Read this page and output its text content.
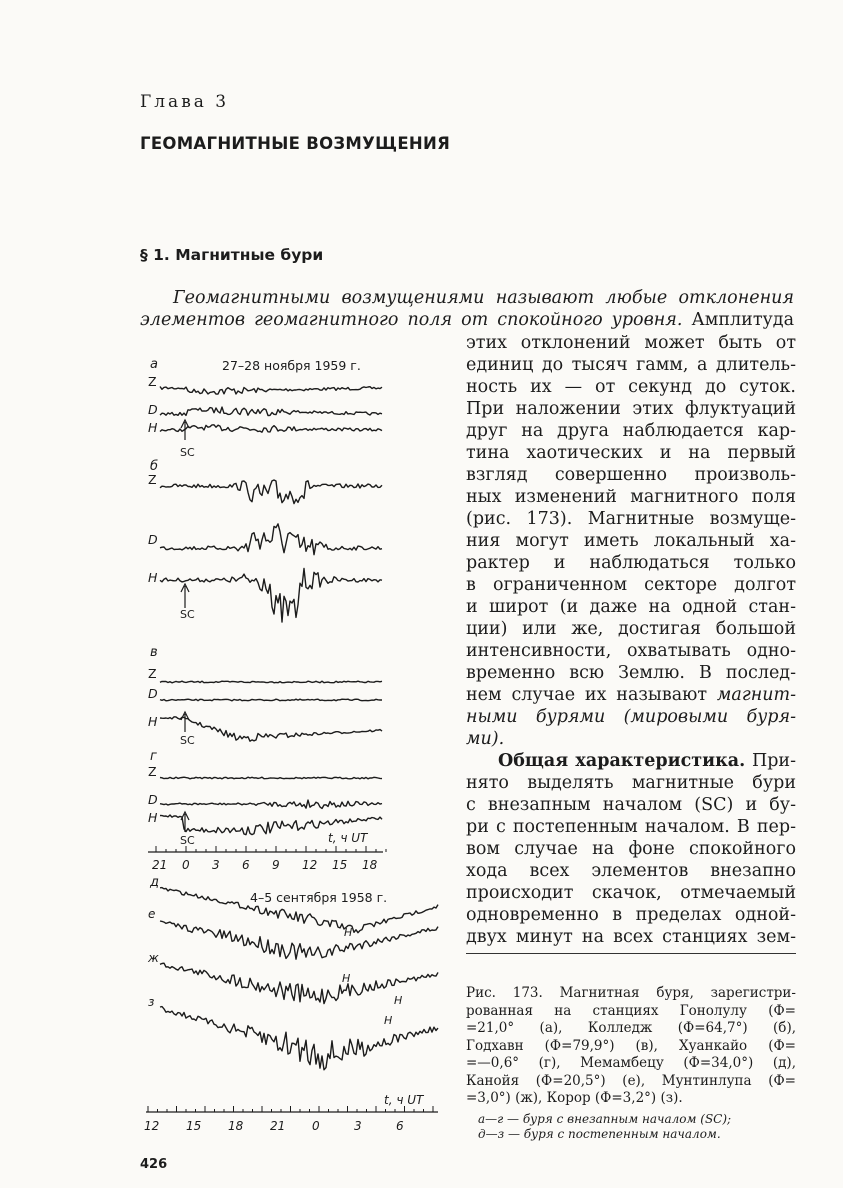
Глава 3
ГЕОМАГНИТНЫЕ ВОЗМУЩЕНИЯ
§ 1. Магнитные бури

Геомагнитными возмущениями называют любые отклонения

элементов геомагнитного поля от спокойного уровня. Амплитуда

а	27–28 ноября 1959 г.
Z
D
H
SC
б
Z
D
H
SC
в
Z
D
H
SC
г
Z
D
H
SC	t, ч UT
д
4–5 сентября 1958 г.
е
ж
з
H
H
H
H
t, ч UT
21 0 3 6 9 12 15 18
12 15 18 21 0	3	6

этих отклонений может быть от

единиц до тысяч гамм, а длитель-

ность их — от секунд до суток.

При наложении этих флуктуаций

друг на друга наблюдается кар-

тина хаотических и на первый

взгляд совершенно произволь-

ных изменений магнитного поля

(рис. 173). Магнитные возмуще-

ния могут иметь локальный ха-

рактер и наблюдаться только

в ограниченном секторе долгот

и широт (и даже на одной стан-

ции) или же, достигая большой

интенсивности, охватывать одно-

временно всю Землю. В послед-

нем случае их называют магнит-

ными бурями (мировыми буря-

ми).

Общая характеристика. При-

нято выделять магнитные бури

с внезапным началом (SC) и бу-

ри с постепенным началом. В пер-

вом случае на фоне спокойного

хода всех элементов внезапно

происходит скачок, отмечаемый

одновременно в пределах одной-

двух минут на всех станциях зем-

Рис. 173. Магнитная буря, зарегистри-

рованная на станциях Гонолулу (Ф=

=21,0° (а), Колледж (Ф=64,7°) (б),

Годхавн (Ф=79,9°) (в), Хуанкайо (Ф=

=—0,6° (г), Мемамбецу (Ф=34,0°) (д),

Канойя (Ф=20,5°) (е), Мунтинлупа (Ф=

=3,0°) (ж), Корор (Ф=3,2°) (з).

а—г — буря с внезапным началом (SC);

д—з — буря с постепенным началом.

426
